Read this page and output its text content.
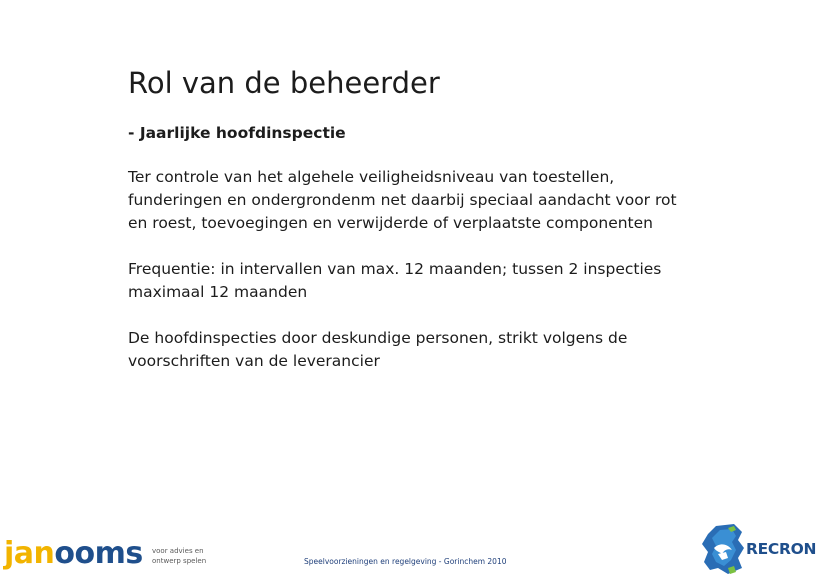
Rol van de beheerder
- Jaarlijke hoofdinspectie

Ter controle van het algehele veiligheidsniveau van toestellen,
funderingen en ondergrondenm net daarbij speciaal aandacht voor rot
en roest, toevoegingen en verwijderde of verplaatste componenten

Frequentie: in intervallen van max. 12 maanden; tussen 2 inspecties
maximaal 12 maanden

De hoofdinspecties door deskundige personen, strikt volgens de
voorschriften van de leverancier

janooms voor advies en
ontwerp spelen	Speelvoorzieningen en regelgeving - Gorinchem 2010
RECRON
